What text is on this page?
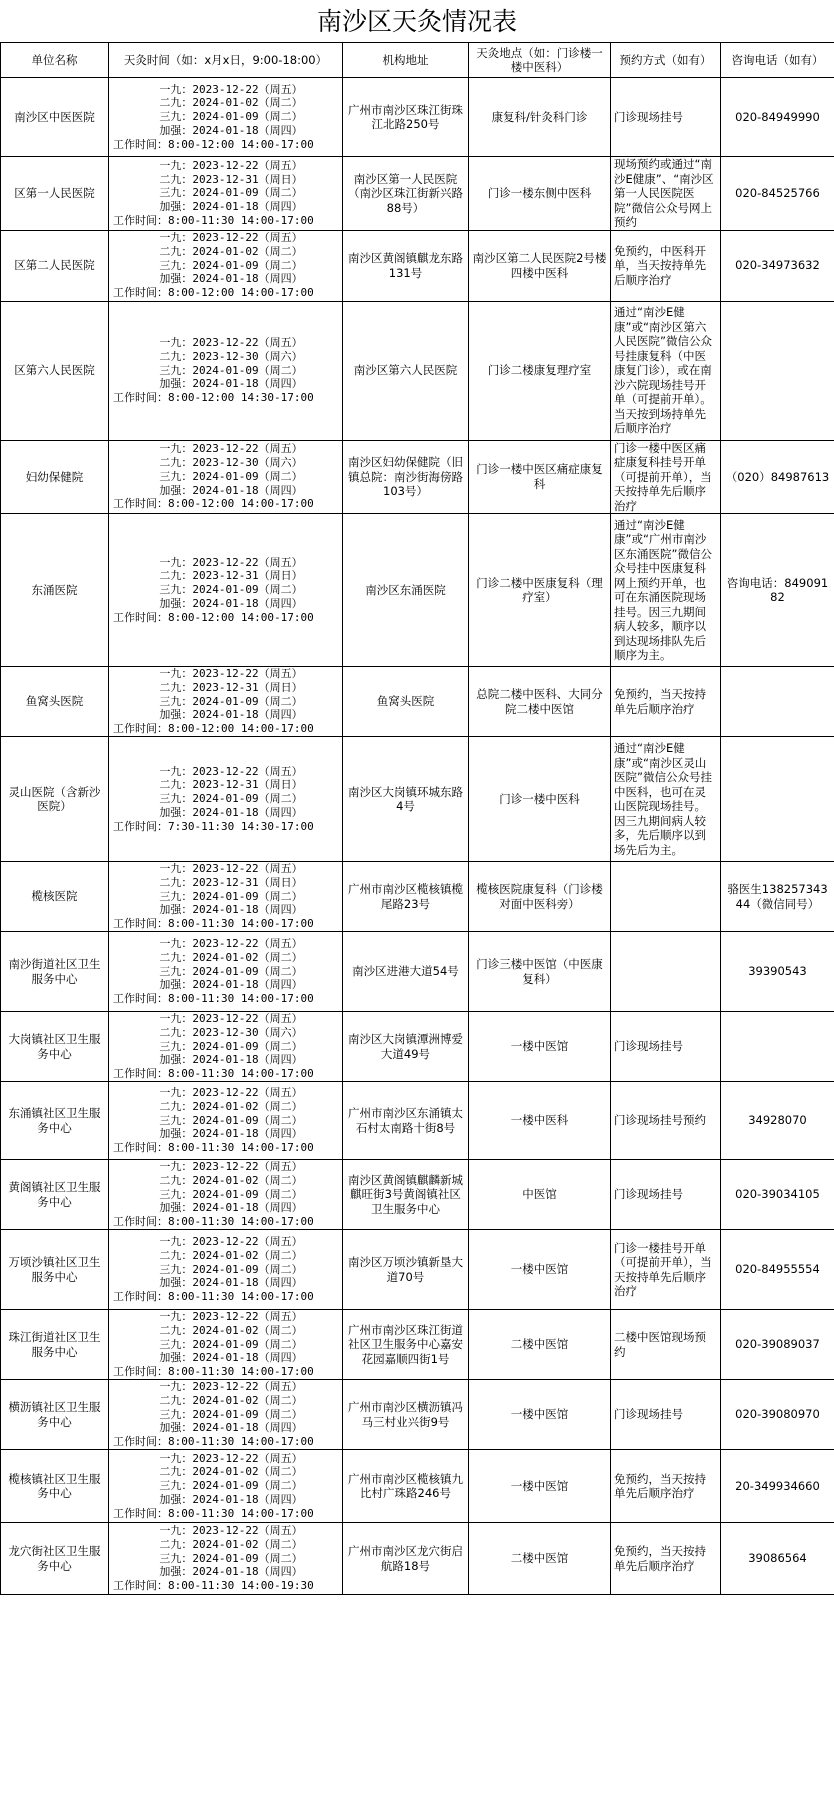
南沙区天灸情况表
单位名称	天灸时间（如：x月x日，9:00-18:00）	机构地址	天灸地点（如：门诊楼一楼中医科）	预约方式（如有）	咨询电话（如有）
南沙区中医医院	一九：2023-12-22（周五）
二九：2024-01-02（周二）
三九：2024-01-09（周二）
加强：2024-01-18（周四）
工作时间：8:00-12:00 14:00-17:00	广州市南沙区珠江街珠江北路250号	康复科/针灸科门诊	门诊现场挂号	020-84949990
区第一人民医院	一九：2023-12-22（周五）
二九：2023-12-31（周日）
三九：2024-01-09（周二）
加强：2024-01-18（周四）
工作时间：8:00-11:30 14:00-17:00	南沙区第一人民医院（南沙区珠江街新兴路88号）	门诊一楼东侧中医科	现场预约或通过“南沙E健康”、“南沙区第一人民医院医院”微信公众号网上预约	020-84525766
区第二人民医院	一九：2023-12-22（周五）
二九：2024-01-02（周二）
三九：2024-01-09（周二）
加强：2024-01-18（周四）
工作时间：8:00-12:00 14:00-17:00	南沙区黄阁镇麒龙东路131号	南沙区第二人民医院2号楼四楼中医科	免预约，中医科开单，当天按持单先后顺序治疗	020-34973632
区第六人民医院	一九：2023-12-22（周五）
二九：2023-12-30（周六）
三九：2024-01-09（周二）
加强：2024-01-18（周四）
工作时间：8:00-12:00 14:30-17:00	南沙区第六人民医院	门诊二楼康复理疗室	通过“南沙E健康”或“南沙区第六人民医院”微信公众号挂康复科（中医康复门诊），或在南沙六院现场挂号开单（可提前开单）。当天按到场持单先后顺序治疗	
妇幼保健院	一九：2023-12-22（周五）
二九：2023-12-30（周六）
三九：2024-01-09（周二）
加强：2024-01-18（周四）
工作时间：8:00-12:00 14:00-17:00	南沙区妇幼保健院（旧镇总院：南沙街海傍路103号）	门诊一楼中医区痛症康复科	门诊一楼中医区痛症康复科挂号开单（可提前开单），当天按持单先后顺序治疗	（020）84987613
东涌医院	一九：2023-12-22（周五）
二九：2023-12-31（周日）
三九：2024-01-09（周二）
加强：2024-01-18（周四）
工作时间：8:00-12:00 14:00-17:00	南沙区东涌医院	门诊二楼中医康复科（理疗室）	通过“南沙E健康”或“广州市南沙区东涌医院”微信公众号挂中医康复科网上预约开单，也可在东涌医院现场挂号。因三九期间病人较多，顺序以到达现场排队先后顺序为主。	咨询电话：84909182
鱼窝头医院	一九：2023-12-22（周五）
二九：2023-12-31（周日）
三九：2024-01-09（周二）
加强：2024-01-18（周四）
工作时间：8:00-12:00 14:00-17:00	鱼窝头医院	总院二楼中医科、大同分院二楼中医馆	免预约，当天按持单先后顺序治疗	
灵山医院（含新沙医院）	一九：2023-12-22（周五）
二九：2023-12-31（周日）
三九：2024-01-09（周二）
加强：2024-01-18（周四）
工作时间：7:30-11:30 14:30-17:00	南沙区大岗镇环城东路4号	门诊一楼中医科	通过“南沙E健康”或“南沙区灵山医院”微信公众号挂中医科，也可在灵山医院现场挂号。因三九期间病人较多，先后顺序以到场先后为主。	
榄核医院	一九：2023-12-22（周五）
二九：2023-12-31（周日）
三九：2024-01-09（周二）
加强：2024-01-18（周四）
工作时间：8:00-11:30 14:00-17:00	广州市南沙区榄核镇榄尾路23号	榄核医院康复科（门诊楼对面中医科旁）		骆医生13825734344（微信同号）
南沙街道社区卫生服务中心	一九：2023-12-22（周五）
二九：2024-01-02（周二）
三九：2024-01-09（周二）
加强：2024-01-18（周四）
工作时间：8:00-11:30 14:00-17:00	南沙区进港大道54号	门诊三楼中医馆（中医康复科）		39390543
大岗镇社区卫生服务中心	一九：2023-12-22（周五）
二九：2023-12-30（周六）
三九：2024-01-09（周二）
加强：2024-01-18（周四）
工作时间：8:00-11:30 14:00-17:00	南沙区大岗镇潭洲博爱大道49号	一楼中医馆	门诊现场挂号	
东涌镇社区卫生服务中心	一九：2023-12-22（周五）
二九：2024-01-02（周二）
三九：2024-01-09（周二）
加强：2024-01-18（周四）
工作时间：8:00-11:30 14:00-17:00	广州市南沙区东涌镇太石村太南路十街8号	一楼中医科	门诊现场挂号预约	34928070
黄阁镇社区卫生服务中心	一九：2023-12-22（周五）
二九：2024-01-02（周二）
三九：2024-01-09（周二）
加强：2024-01-18（周四）
工作时间：8:00-11:30 14:00-17:00	南沙区黄阁镇麒麟新城麒旺街3号黄阁镇社区卫生服务中心	中医馆	门诊现场挂号	020-39034105
万顷沙镇社区卫生服务中心	一九：2023-12-22（周五）
二九：2024-01-02（周二）
三九：2024-01-09（周二）
加强：2024-01-18（周四）
工作时间：8:00-11:30 14:00-17:00	南沙区万顷沙镇新垦大道70号	一楼中医馆	门诊一楼挂号开单（可提前开单），当天按持单先后顺序治疗	020-84955554
珠江街道社区卫生服务中心	一九：2023-12-22（周五）
二九：2024-01-02（周二）
三九：2024-01-09（周二）
加强：2024-01-18（周四）
工作时间：8:00-11:30 14:00-17:00	广州市南沙区珠江街道社区卫生服务中心嘉安花园嘉顺四街1号	二楼中医馆	二楼中医馆现场预约	020-39089037
横沥镇社区卫生服务中心	一九：2023-12-22（周五）
二九：2024-01-02（周二）
三九：2024-01-09（周二）
加强：2024-01-18（周四）
工作时间：8:00-11:30 14:00-17:00	广州市南沙区横沥镇冯马三村业兴街9号	一楼中医馆	门诊现场挂号	020-39080970
榄核镇社区卫生服务中心	一九：2023-12-22（周五）
二九：2024-01-02（周二）
三九：2024-01-09（周二）
加强：2024-01-18（周四）
工作时间：8:00-11:30 14:00-17:00	广州市南沙区榄核镇九比村广珠路246号	一楼中医馆	免预约，当天按持单先后顺序治疗	20-349934660
龙穴街社区卫生服务中心	一九：2023-12-22（周五）
二九：2024-01-02（周二）
三九：2024-01-09（周二）
加强：2024-01-18（周四）
工作时间：8:00-11:30 14:00-19:30	广州市南沙区龙穴街启航路18号	二楼中医馆	免预约，当天按持单先后顺序治疗	39086564
